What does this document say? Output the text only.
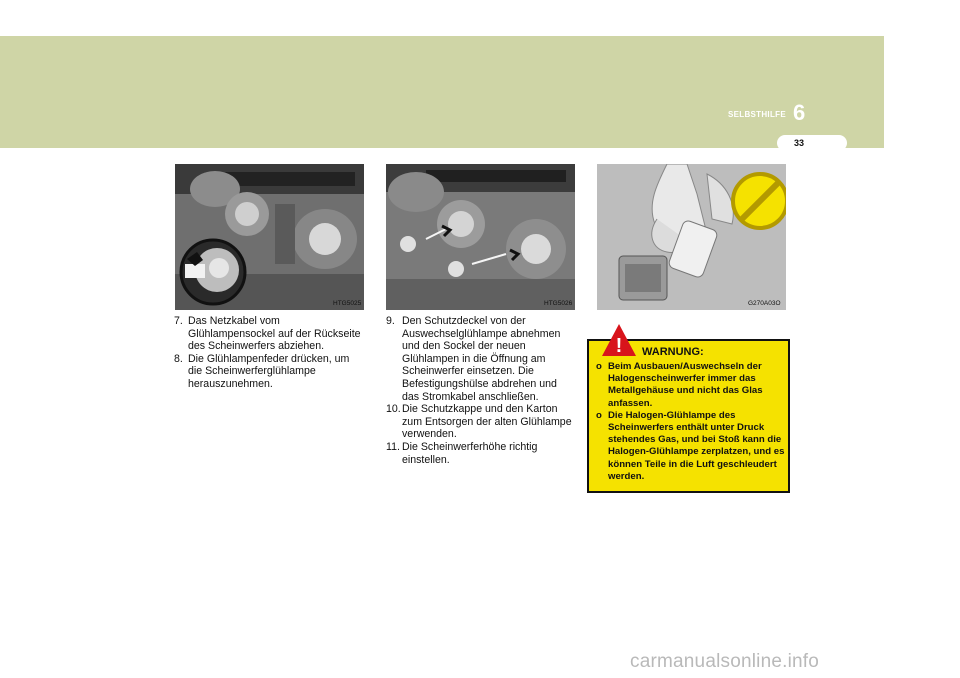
SELBSTHILFE 6
33
HTG5025	HTG5026	G270A03O
7. Das Netzkabel vom Glühlampensockel auf der Rückseite des Scheinwerfers abziehen.
8. Die Glühlampenfeder drücken, um die Scheinwerferglühlampe herauszunehmen.
9. Den Schutzdeckel von der Auswechselglühlampe abnehmen und den Sockel der neuen Glühlampen in die Öffnung am Scheinwerfer einsetzen. Die Befestigungshülse abdrehen und das Stromkabel anschließen.
10. Die Schutzkappe und den Karton zum Entsorgen der alten Glühlampe verwenden.
11. Die Scheinwerferhöhe richtig einstellen.
! WARNUNG:
o Beim Ausbauen/Auswechseln der Halogenscheinwerfer immer das Metallgehäuse und nicht das Glas anfassen.
o Die Halogen-Glühlampe des Scheinwerfers enthält unter Druck stehendes Gas, und bei Stoß kann die Halogen-Glühlampe zerplatzen, und es können Teile in die Luft geschleudert werden.
carmanualsonline.info
